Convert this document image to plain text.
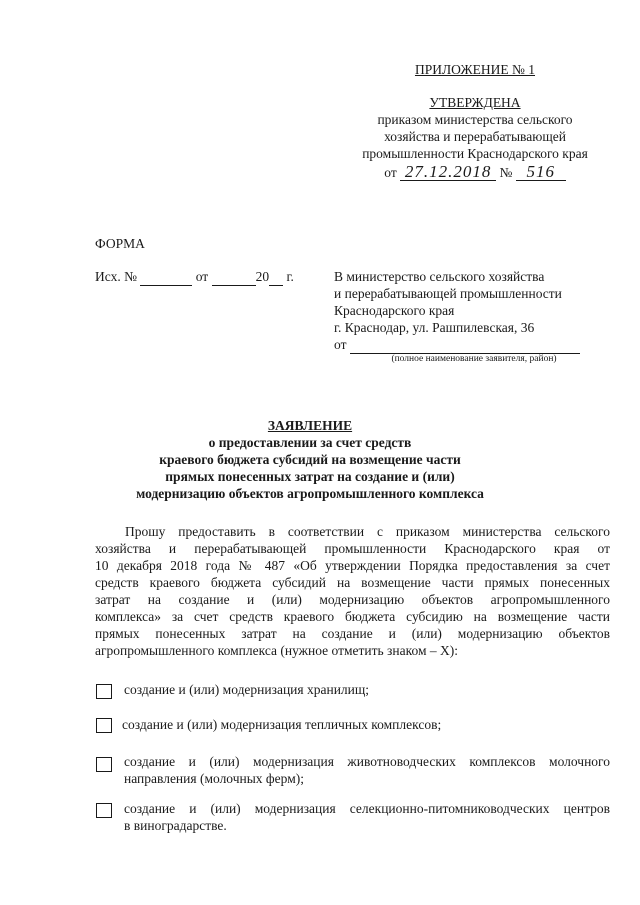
ПРИЛОЖЕНИЕ № 1
УТВЕРЖДЕНА
приказом министерства сельского
хозяйства и перерабатывающей
промышленности Краснодарского края
от 27.12.2018 № 516
ФОРМА
Исх. №	от	20 г.	В министерство сельского хозяйства
и перерабатывающей промышленности
Краснодарского края
г. Краснодар, ул. Рашпилевская, 36
от
(полное наименование заявителя, район)
ЗАЯВЛЕНИЕ
о предоставлении за счет средств
краевого бюджета субсидий на возмещение части
прямых понесенных затрат на создание и (или)
модернизацию объектов агропромышленного комплекса
Прошу предоставить в соответствии с приказом министерства сельского
хозяйства и перерабатывающей промышленности Краснодарского края от
10 декабря 2018 года № 487 «Об утверждении Порядка предоставления за счет
средств краевого бюджета субсидий на возмещение части прямых понесенных
затрат на создание и (или) модернизацию объектов агропромышленного
комплекса» за счет средств краевого бюджета субсидию на возмещение части
прямых понесенных затрат на создание и (или) модернизацию объектов
агропромышленного комплекса (нужное отметить знаком – X):
создание и (или) модернизация хранилищ;
создание и (или) модернизация тепличных комплексов;
создание и (или) модернизация животноводческих комплексов молочного
направления (молочных ферм);
создание и (или) модернизация селекционно-питомниководческих центров
в виноградарстве.
